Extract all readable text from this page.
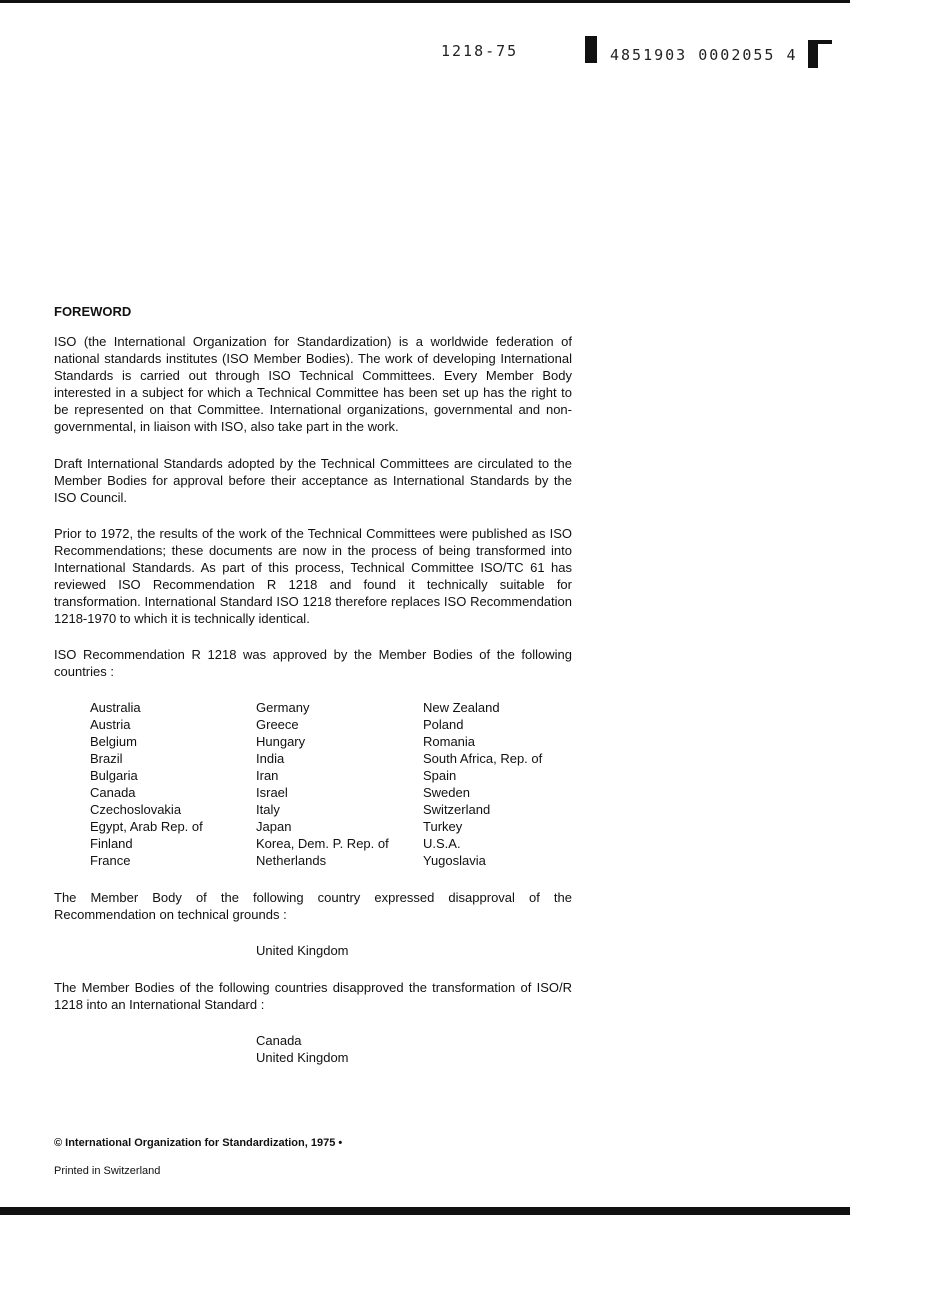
1218-75	4851903 0002055 4
FOREWORD
ISO (the International Organization for Standardization) is a worldwide federation of national standards institutes (ISO Member Bodies). The work of developing International Standards is carried out through ISO Technical Committees. Every Member Body interested in a subject for which a Technical Committee has been set up has the right to be represented on that Committee. International organizations, governmental and non-governmental, in liaison with ISO, also take part in the work.
Draft International Standards adopted by the Technical Committees are circulated to the Member Bodies for approval before their acceptance as International Standards by the ISO Council.
Prior to 1972, the results of the work of the Technical Committees were published as ISO Recommendations; these documents are now in the process of being transformed into International Standards. As part of this process, Technical Committee ISO/TC 61 has reviewed ISO Recommendation R 1218 and found it technically suitable for transformation. International Standard ISO 1218 therefore replaces ISO Recommendation 1218-1970 to which it is technically identical.
ISO Recommendation R 1218 was approved by the Member Bodies of the following countries :
Australia
Austria
Belgium
Brazil
Bulgaria
Canada
Czechoslovakia
Egypt, Arab Rep. of
Finland
France
Germany
Greece
Hungary
India
Iran
Israel
Italy
Japan
Korea, Dem. P. Rep. of
Netherlands
New Zealand
Poland
Romania
South Africa, Rep. of
Spain
Sweden
Switzerland
Turkey
U.S.A.
Yugoslavia
The Member Body of the following country expressed disapproval of the Recommendation on technical grounds :
United Kingdom
The Member Bodies of the following countries disapproved the transformation of ISO/R 1218 into an International Standard :
Canada
United Kingdom
© International Organization for Standardization, 1975 •
Printed in Switzerland
